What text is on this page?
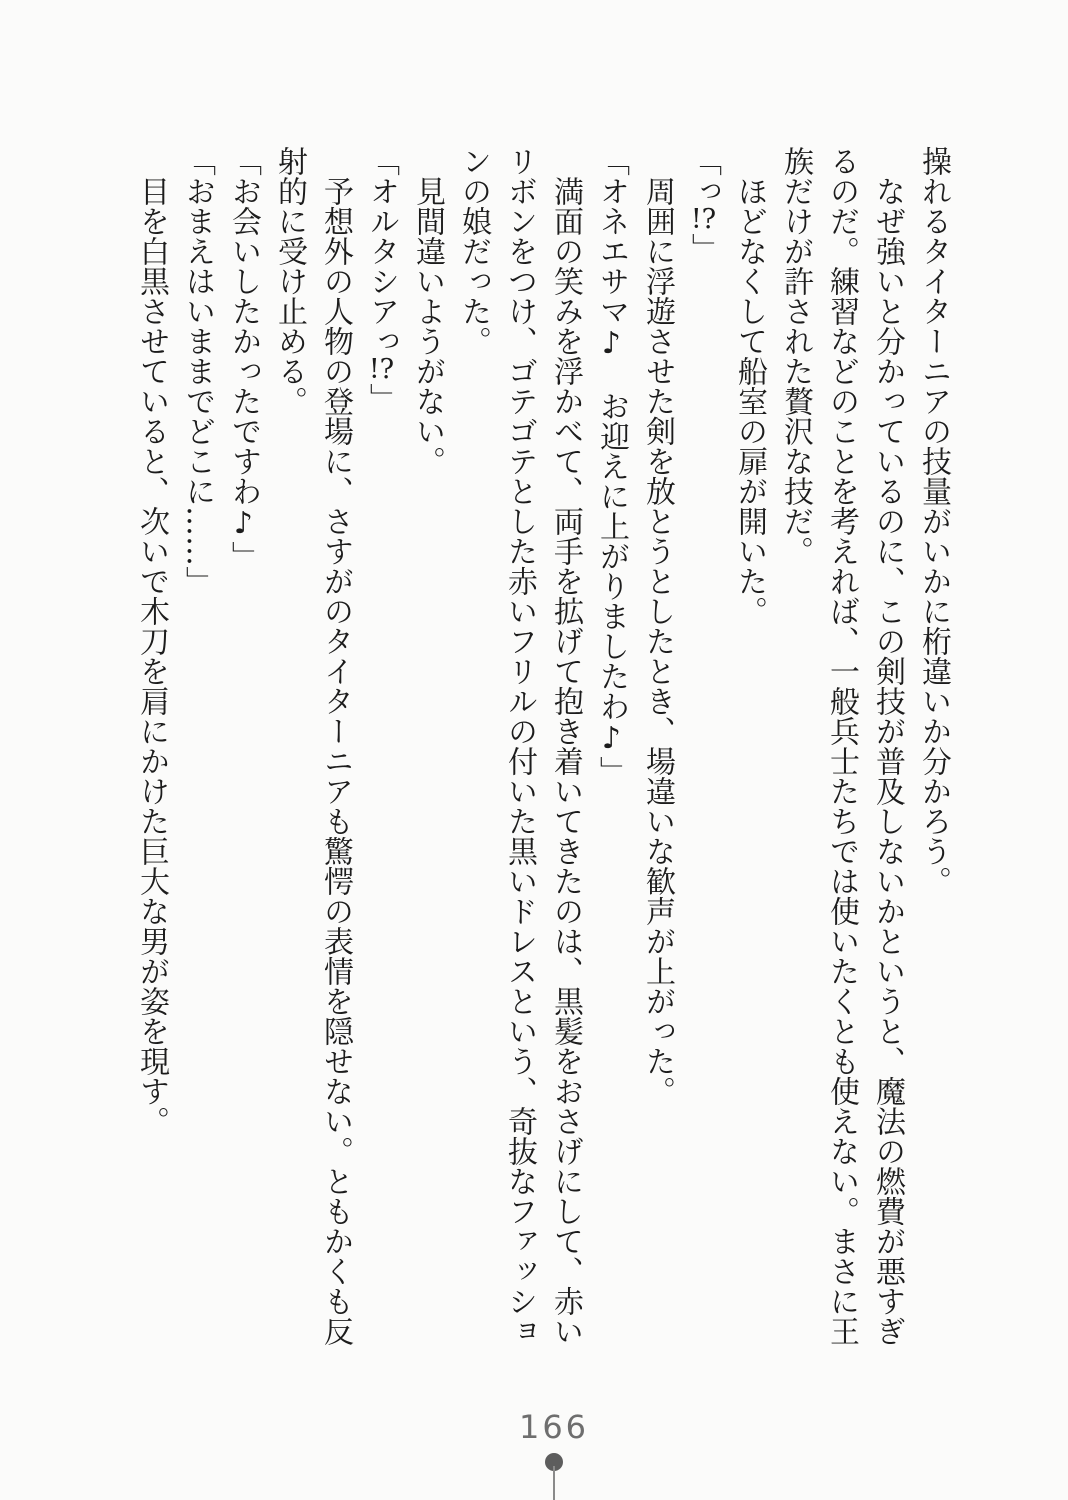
操れるタイターニアの技量がいかに桁違いか分かろう。

なぜ強いと分かっているのに、この剣技が普及しないかというと、魔法の燃費が悪すぎるのだ。練習などのことを考えれば、一般兵士たちでは使いたくとも使えない。まさに王族だけが許された贅沢な技だ。

ほどなくして船室の扉が開いた。

「っ!?」

周囲に浮遊させた剣を放とうとしたとき、場違いな歓声が上がった。

「オネエサマ♪　お迎えに上がりましたわ♪」

満面の笑みを浮かべて、両手を拡げて抱き着いてきたのは、黒髪をおさげにして、赤いリボンをつけ、ゴテゴテとした赤いフリルの付いた黒いドレスという、奇抜なファッションの娘だった。

見間違いようがない。

「オルタシアっ!?」

予想外の人物の登場に、さすがのタイターニアも驚愕の表情を隠せない。ともかくも反射的に受け止める。

「お会いしたかったですわ♪」

「おまえはいままでどこに……」

目を白黒させていると、次いで木刀を肩にかけた巨大な男が姿を現す。

166
